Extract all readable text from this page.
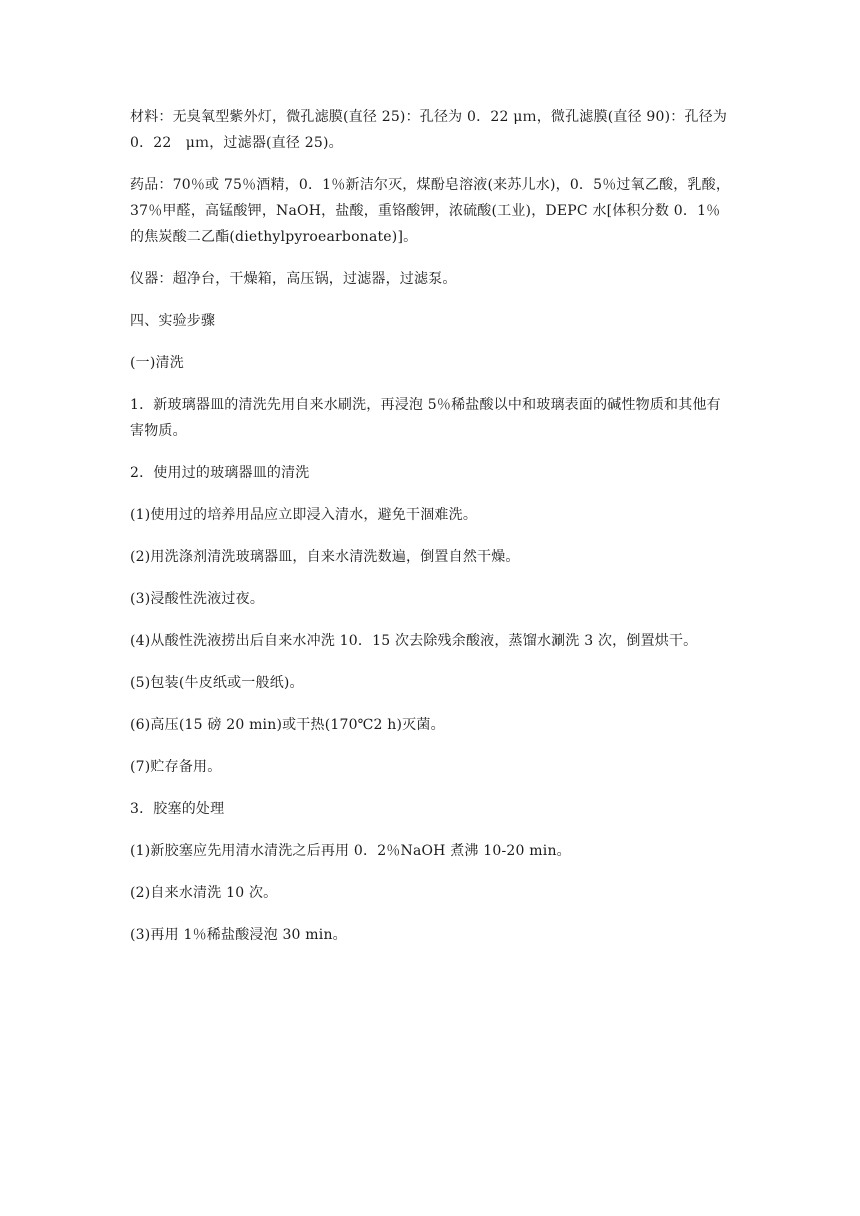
材料：无臭氧型紫外灯，微孔滤膜(直径 25)：孔径为 0．22 μｍ，微孔滤膜(直径 90)：孔径为 0．22　μｍ，过滤器(直径 25)。

药品：70％或 75％酒精，0．1％新洁尔灭，煤酚皂溶液(来苏儿水)，0．5％过氧乙酸，乳酸，37％甲醛，高锰酸钾，NaOH，盐酸，重铬酸钾，浓硫酸(工业)，DEPC 水[体积分数 0．1％的焦炭酸二乙酯(diethylpyroearbonate)]。

仪器：超净台，干燥箱，高压锅，过滤器，过滤泵。

四、实验步骤

(一)清洗

1．新玻璃器皿的清洗先用自来水刷洗，再浸泡 5％稀盐酸以中和玻璃表面的碱性物质和其他有害物质。

2．使用过的玻璃器皿的清洗

(1)使用过的培养用品应立即浸入清水，避免干涸难洗。

(2)用洗涤剂清洗玻璃器皿，自来水清洗数遍，倒置自然干燥。

(3)浸酸性洗液过夜。

(4)从酸性洗液捞出后自来水冲洗 10．15 次去除残余酸液，蒸馏水涮洗 3 次，倒置烘干。

(5)包装(牛皮纸或一般纸)。

(6)高压(15 磅 20 min)或干热(170℃2 h)灭菌。

(7)贮存备用。

3．胶塞的处理

(1)新胶塞应先用清水清洗之后再用 0．2％NaOH 煮沸 10-20 min。

(2)自来水清洗 10 次。

(3)再用 1％稀盐酸浸泡 30 min。
